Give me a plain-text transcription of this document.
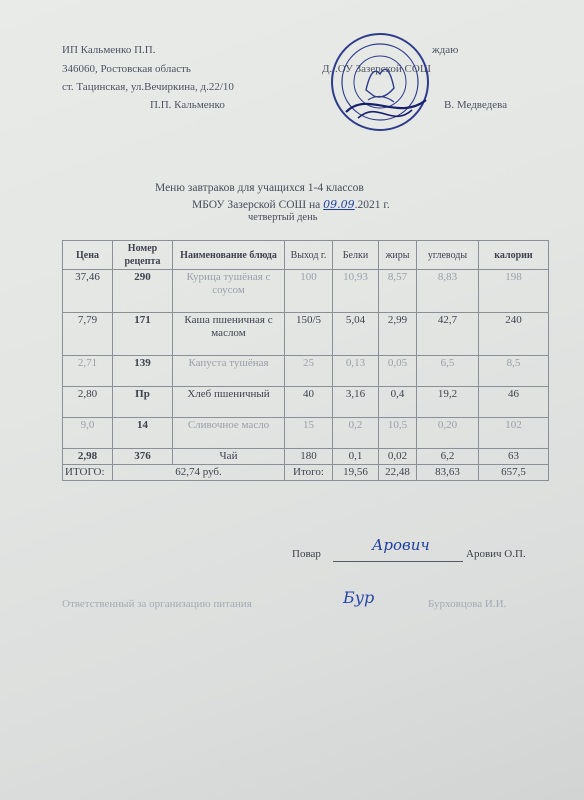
ИП Кальменко П.П.
346060, Ростовская область
ст. Тацинская, ул.Вечиркина, д.22/10
П.П. Кальменко
ждаю
Д...ОУ Зазерской СОШ
В. Медведева
Меню завтраков для учащихся 1-4 классов
МБОУ Зазерской СОШ на 09.09.2021 г.
четвертый день
Цена	Номер рецепта	Наименование блюда	Выход г.	Белки	жиры	углеводы	калории
37,46	290	Курица тушёная с соусом	100	10,93	8,57	8,83	198
7,79	171	Каша пшеничная с маслом	150/5	5,04	2,99	42,7	240
2,71	139	Капуста тушёная	25	0,13	0,05	6,5	8,5
2,80	Пр	Хлеб пшеничный	40	3,16	0,4	19,2	46
9,0	14	Сливочное масло	15	0,2	10,5	0,20	102
2,98	376	Чай	180	0,1	0,02	6,2	63
ИТОГО:	62,74 руб.		Итого:	19,56	22,48	83,63	657,5
Повар	Арович	Арович О.П.
Ответственный за организацию питания	Бур	Бурховцова И.И.
